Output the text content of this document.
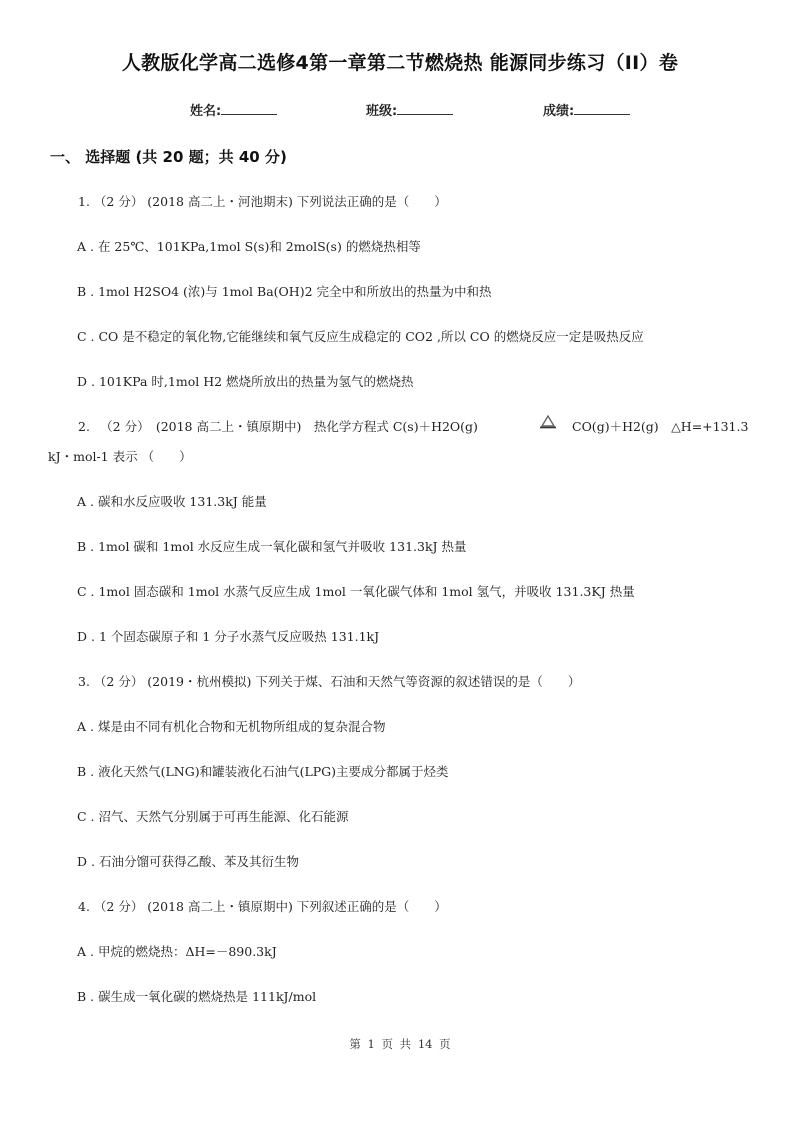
人教版化学高二选修4第一章第二节燃烧热 能源同步练习（II）卷
姓名:	班级:	成绩:
一、 选择题 (共 20 题；共 40 分)
1. （2 分） (2018 高二上・河池期末) 下列说法正确的是（　　）
A . 在 25℃、101KPa,1mol S(s)和 2molS(s) 的燃烧热相等
B . 1mol H2SO4 (浓)与 1mol Ba(OH)2 完全中和所放出的热量为中和热
C . CO 是不稳定的氧化物,它能继续和氧气反应生成稳定的 CO2 ,所以 CO 的燃烧反应一定是吸热反应
D . 101KPa 时,1mol H2 燃烧所放出的热量为氢气的燃烧热
2. 　（2 分）　(2018 高二上・镇原期中)　热化学方程式 C(s)＋H2O(g)	CO(g)＋H2(g)　△H=+131.3
kJ・mol-1 表示 （　　）
A . 碳和水反应吸收 131.3kJ 能量
B . 1mol 碳和 1mol 水反应生成一氧化碳和氢气并吸收 131.3kJ 热量
C . 1mol 固态碳和 1mol 水蒸气反应生成 1mol 一氧化碳气体和 1mol 氢气，并吸收 131.3KJ 热量
D . 1 个固态碳原子和 1 分子水蒸气反应吸热 131.1kJ
3. （2 分） (2019・杭州模拟) 下列关于煤、石油和天然气等资源的叙述错误的是（　　）
A . 煤是由不同有机化合物和无机物所组成的复杂混合物
B . 液化天然气(LNG)和罐装液化石油气(LPG)主要成分都属于烃类
C . 沼气、天然气分别属于可再生能源、化石能源
D . 石油分馏可获得乙酸、苯及其衍生物
4. （2 分） (2018 高二上・镇原期中) 下列叙述正确的是（　　）
A . 甲烷的燃烧热：ΔH=－890.3kJ
B . 碳生成一氧化碳的燃烧热是 111kJ/mol
第 1 页 共 14 页
